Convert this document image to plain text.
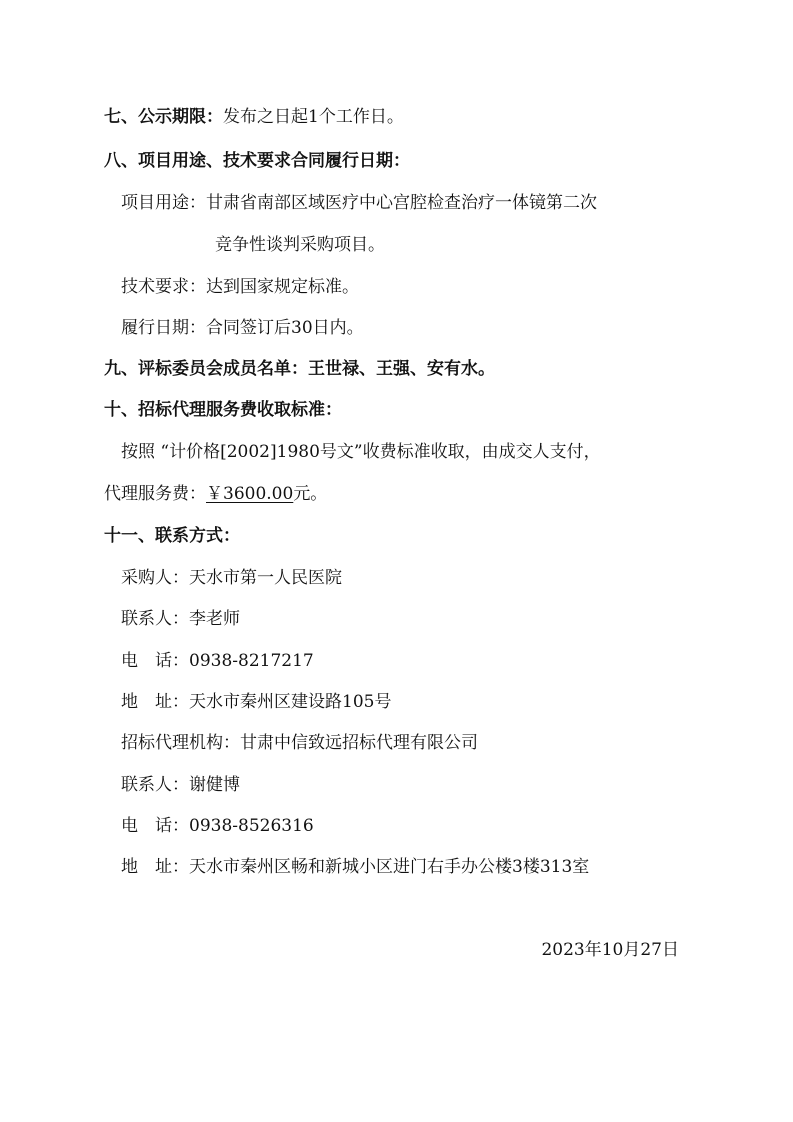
七、公示期限：发布之日起1个工作日。
八、项目用途、技术要求合同履行日期：
项目用途：甘肃省南部区域医疗中心宫腔检查治疗一体镜第二次
竞争性谈判采购项目。
技术要求：达到国家规定标准。
履行日期：合同签订后30日内。
九、评标委员会成员名单：王世禄、王强、安有水。
十、招标代理服务费收取标准：
按照 “计价格[2002]1980号文”收费标准收取，由成交人支付，
代理服务费：￥3600.00元。
十一、联系方式：
采购人：天水市第一人民医院
联系人：李老师
电　话：0938-8217217
地　址：天水市秦州区建设路105号
招标代理机构：甘肃中信致远招标代理有限公司
联系人：谢健博
电　话：0938-8526316
地　址：天水市秦州区畅和新城小区进门右手办公楼3楼313室
2023年10月27日
